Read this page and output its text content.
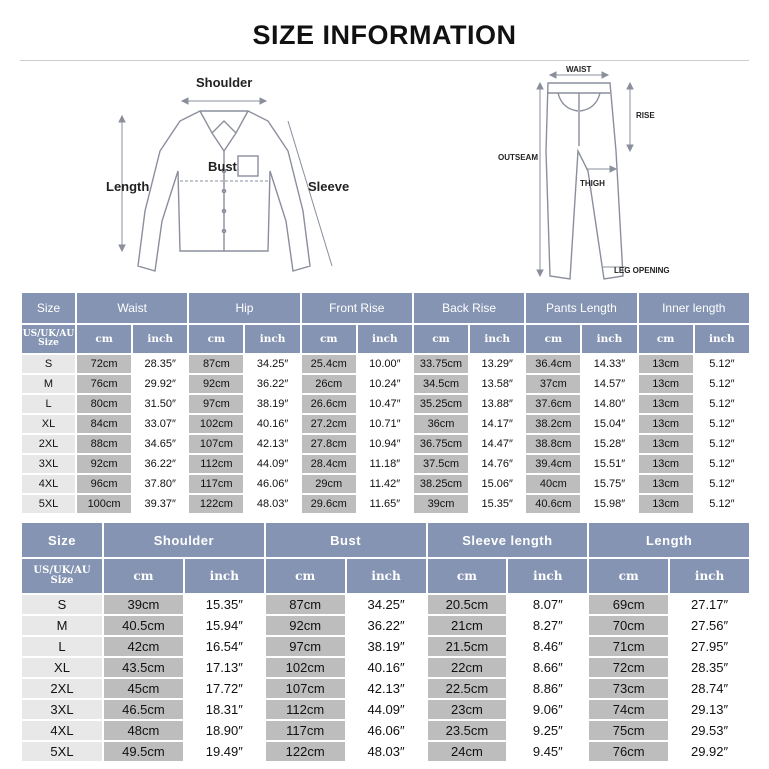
SIZE INFORMATION
Shoulder
Bust
Length	Sleeve
WAIST
RISE
OUTSEAM
THIGH
LEG OPENING
Size	Waist		Hip		Front Rise		Back Rise		Pants Length		Inner length	

US/UK/AU
Size	cm	inch	cm	inch	cm	inch	cm	inch	cm	inch	cm	inch
S	72cm	28.35″	87cm	34.25″	25.4cm	10.00″	33.75cm	13.29″	36.4cm	14.33″	13cm	5.12″
M	76cm	29.92″	92cm	36.22″	26cm	10.24″	34.5cm	13.58″	37cm	14.57″	13cm	5.12″
L	80cm	31.50″	97cm	38.19″	26.6cm	10.47″	35.25cm	13.88″	37.6cm	14.80″	13cm	5.12″
XL	84cm	33.07″	102cm	40.16″	27.2cm	10.71″	36cm	14.17″	38.2cm	15.04″	13cm	5.12″
2XL	88cm	34.65″	107cm	42.13″	27.8cm	10.94″	36.75cm	14.47″	38.8cm	15.28″	13cm	5.12″
3XL	92cm	36.22″	112cm	44.09″	28.4cm	11.18″	37.5cm	14.76″	39.4cm	15.51″	13cm	5.12″
4XL	96cm	37.80″	117cm	46.06″	29cm	11.42″	38.25cm	15.06″	40cm	15.75″	13cm	5.12″
5XL	100cm	39.37″	122cm	48.03″	29.6cm	11.65″	39cm	15.35″	40.6cm	15.98″	13cm	5.12″
Size	Shoulder		Bust		Sleeve length		Length	

US/UK/AU
Size	cm	inch	cm	inch	cm	inch	cm	inch
S	39cm	15.35″	87cm	34.25″	20.5cm	8.07″	69cm	27.17″
M	40.5cm	15.94″	92cm	36.22″	21cm	8.27″	70cm	27.56″
L	42cm	16.54″	97cm	38.19″	21.5cm	8.46″	71cm	27.95″
XL	43.5cm	17.13″	102cm	40.16″	22cm	8.66″	72cm	28.35″
2XL	45cm	17.72″	107cm	42.13″	22.5cm	8.86″	73cm	28.74″
3XL	46.5cm	18.31″	112cm	44.09″	23cm	9.06″	74cm	29.13″
4XL	48cm	18.90″	117cm	46.06″	23.5cm	9.25″	75cm	29.53″
5XL	49.5cm	19.49″	122cm	48.03″	24cm	9.45″	76cm	29.92″
